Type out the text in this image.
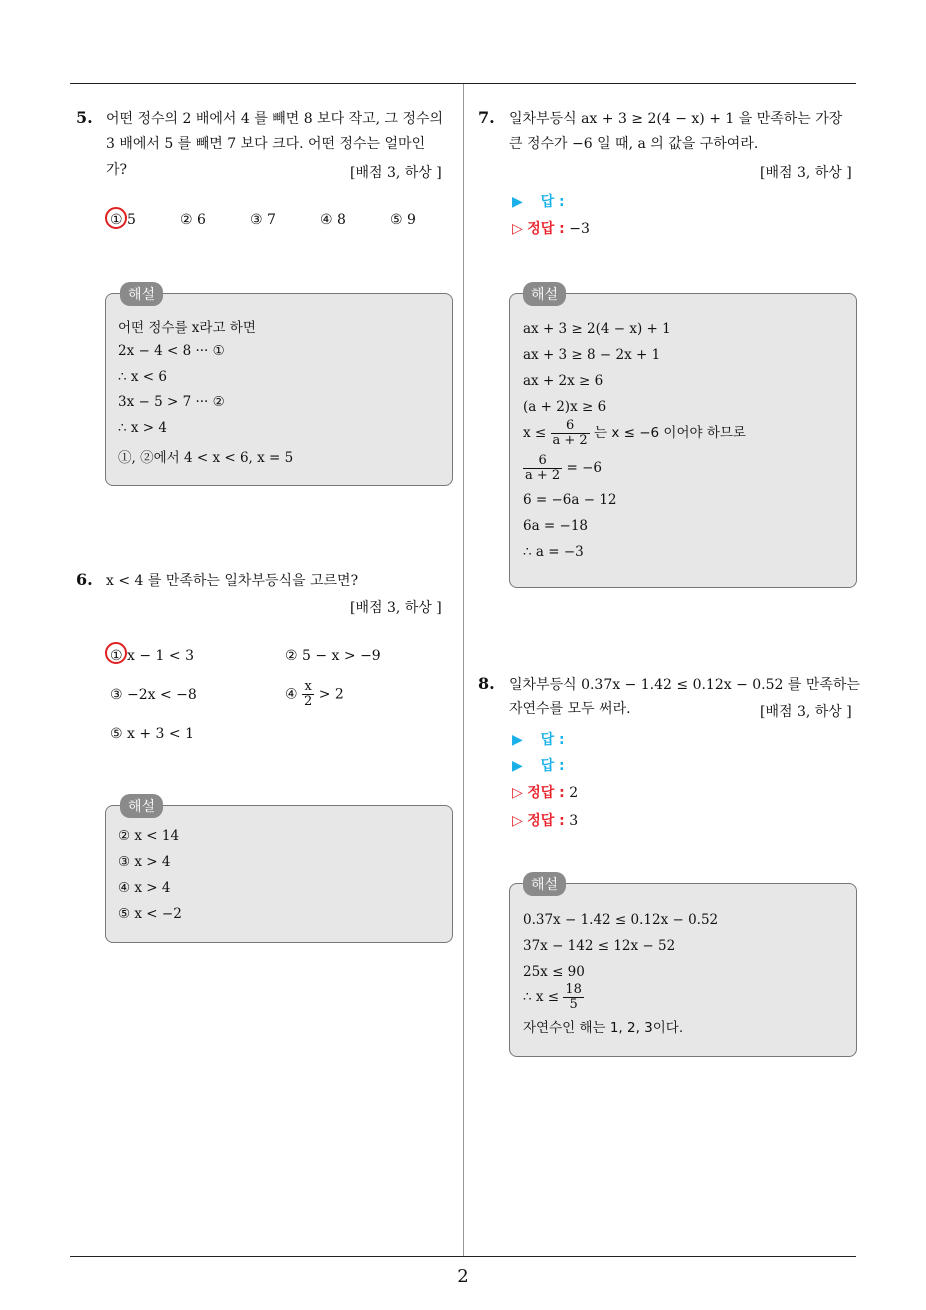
2
5. 어떤 정수의 2 배에서 4 를 빼면 8 보다 작고, 그 정수의
3 배에서 5 를 빼면 7 보다 크다. 어떤 정수는 얼마인
가?	[배점 3, 하상 ]
① 5	② 6	③ 7	④ 8	⑤ 9
해설
어떤 정수를 x라고 하면
2x − 4 < 8 ··· ①
∴ x < 6
3x − 5 > 7 ··· ②
∴ x > 4
①, ②에서 4 < x < 6, x = 5
6. x < 4 를 만족하는 일차부등식을 고르면?
[배점 3, 하상 ]
① x − 1 < 3	② 5 − x > −9
③ −2x < −8	④ $\frac{x}{2} > 2$
⑤ x + 3 < 1
해설
② x < 14
③ x > 4
④ x > 4
⑤ x < −2
7. 일차부등식 ax + 3 ≥ 2(4 − x) + 1 을 만족하는 가장
큰 정수가 −6 일 때, a 의 값을 구하여라.
[배점 3, 하상 ]
▶ 답 :
▷ 정답 : −3
해설
ax + 3 ≥ 2(4 − x) + 1
ax + 3 ≥ 8 − 2x + 1
ax + 2x ≥ 6
(a + 2)x ≥ 6
$x \le \frac{6}{a + 2}$ 는 x ≤ −6 이어야 하므로
$\frac{6}{a + 2} = -6$
6 = −6a − 12
6a = −18
∴ a = −3
8. 일차부등식 0.37x − 1.42 ≤ 0.12x − 0.52 를 만족하는
자연수를 모두 써라.	[배점 3, 하상 ]
▶ 답 :
▶ 답 :
▷ 정답 : 2
▷ 정답 : 3
해설
0.37x − 1.42 ≤ 0.12x − 0.52
37x − 142 ≤ 12x − 52
25x ≤ 90
∴ $x \le \frac{18}{5}$
자연수인 해는 1, 2, 3이다.
